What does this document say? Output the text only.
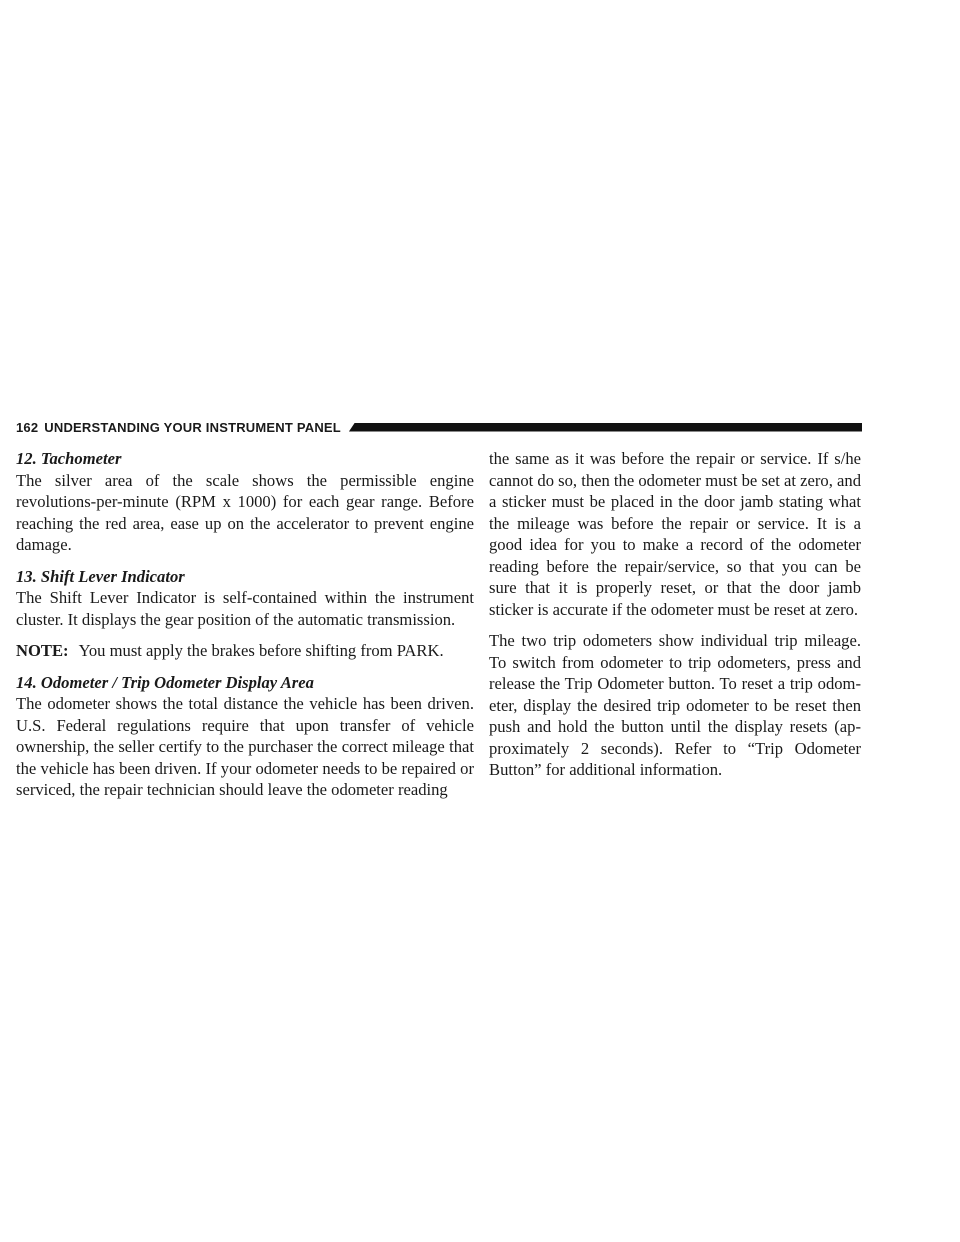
162 UNDERSTANDING YOUR INSTRUMENT PANEL

12. Tachometer
The silver area of the scale shows the permissible engine revolutions-per-minute (RPM x 1000) for each gear range. Before reaching the red area, ease up on the accelerator to prevent engine damage.

13. Shift Lever Indicator
The Shift Lever Indicator is self-contained within the instrument cluster. It displays the gear position of the automatic transmission.

NOTE: You must apply the brakes before shifting from PARK.

14. Odometer / Trip Odometer Display Area
The odometer shows the total distance the vehicle has been driven. U.S. Federal regulations require that upon transfer of vehicle ownership, the seller certify to the purchaser the correct mileage that the vehicle has been driven. If your odometer needs to be repaired or serviced, the repair technician should leave the odometer reading

the same as it was before the repair or service. If s/he cannot do so, then the odometer must be set at zero, and a sticker must be placed in the door jamb stating what the mileage was before the repair or service. It is a good idea for you to make a record of the odometer reading before the repair/service, so that you can be sure that it is properly reset, or that the door jamb sticker is accurate if the odometer must be reset at zero.

The two trip odometers show individual trip mileage. To switch from odometer to trip odometers, press and release the Trip Odometer button. To reset a trip odom-eter, display the desired trip odometer to be reset then push and hold the button until the display resets (ap-proximately 2 seconds). Refer to “Trip Odometer Button” for additional information.
